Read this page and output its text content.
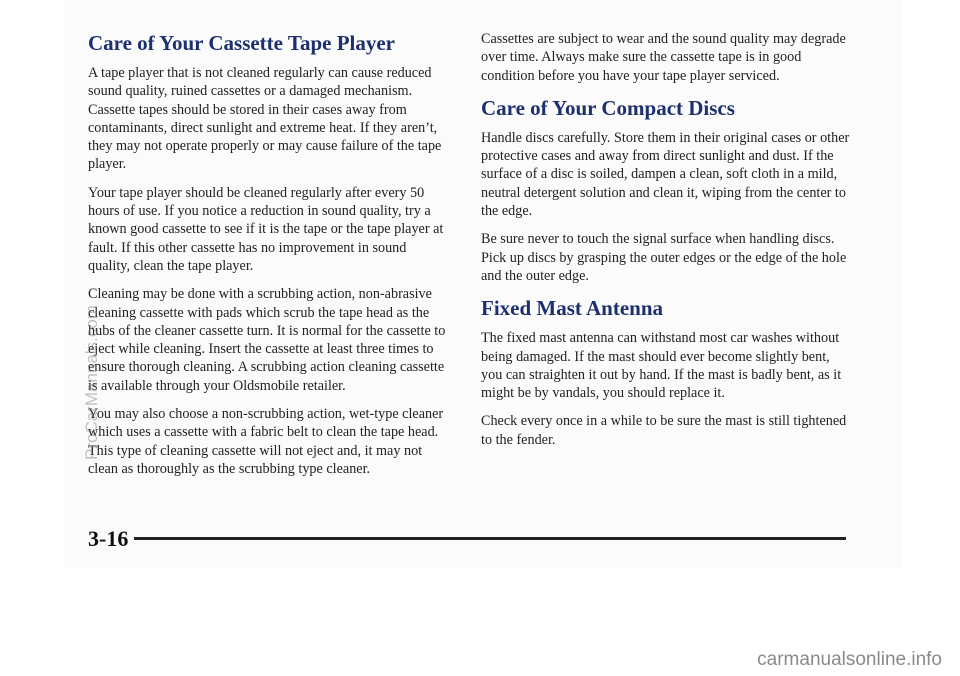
Care of Your Cassette Tape Player

A tape player that is not cleaned regularly can cause reduced sound quality, ruined cassettes or a damaged mechanism. Cassette tapes should be stored in their cases away from contaminants, direct sunlight and extreme heat. If they aren’t, they may not operate properly or may cause failure of the tape player.

Your tape player should be cleaned regularly after every 50 hours of use. If you notice a reduction in sound quality, try a known good cassette to see if it is the tape or the tape player at fault. If this other cassette has no improvement in sound quality, clean the tape player.

Cleaning may be done with a scrubbing action, non-abrasive cleaning cassette with pads which scrub the tape head as the hubs of the cleaner cassette turn. It is normal for the cassette to eject while cleaning. Insert the cassette at least three times to ensure thorough cleaning. A scrubbing action cleaning cassette is available through your Oldsmobile retailer.

You may also choose a non-scrubbing action, wet-type cleaner which uses a cassette with a fabric belt to clean the tape head. This type of cleaning cassette will not eject and, it may not clean as thoroughly as the scrubbing type cleaner.

Cassettes are subject to wear and the sound quality may degrade over time. Always make sure the cassette tape is in good condition before you have your tape player serviced.

Care of Your Compact Discs

Handle discs carefully. Store them in their original cases or other protective cases and away from direct sunlight and dust. If the surface of a disc is soiled, dampen a clean, soft cloth in a mild, neutral detergent solution and clean it, wiping from the center to the edge.

Be sure never to touch the signal surface when handling discs. Pick up discs by grasping the outer edges or the edge of the hole and the outer edge.

Fixed Mast Antenna

The fixed mast antenna can withstand most car washes without being damaged. If the mast should ever become slightly bent, you can straighten it out by hand. If the mast is badly bent, as it might be by vandals, you should replace it.

Check every once in a while to be sure the mast is still tightened to the fender.

3-16
ProCarManuals.com
carmanualsonline.info
